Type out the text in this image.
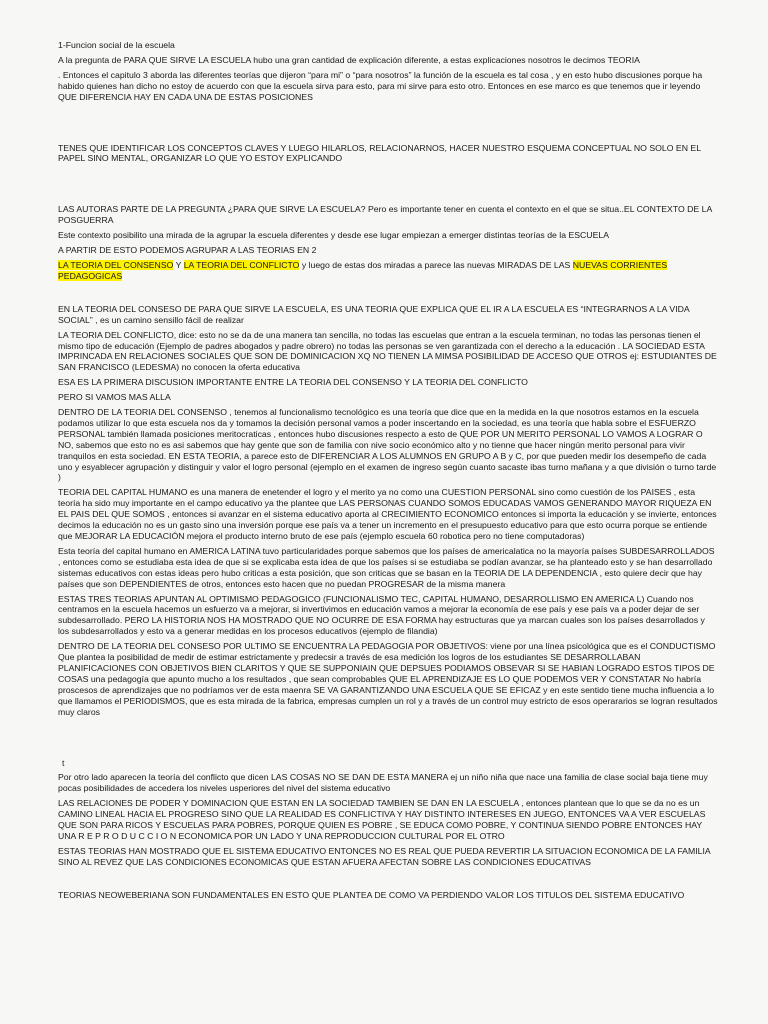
1-Funcion social de la escuela

A la pregunta de PARA QUE SIRVE LA ESCUELA hubo una gran cantidad de explicación diferente, a estas explicaciones nosotros le decimos TEORIA

. Entonces el capitulo 3 aborda las diferentes teorías que dijeron “para mi” o “para nosotros” la función de la escuela es tal cosa , y en esto hubo discusiones porque ha habido quienes han dicho no estoy de acuerdo con que la escuela sirva para esto, para mi sirve para esto otro. Entonces en ese marco es que tenemos que ir leyendo QUE DIFERENCIA HAY EN CADA UNA DE ESTAS POSICIONES

TENES QUE IDENTIFICAR LOS CONCEPTOS CLAVES Y LUEGO HILARLOS, RELACIONARNOS, HACER NUESTRO ESQUEMA CONCEPTUAL NO SOLO EN EL PAPEL SINO MENTAL, ORGANIZAR LO QUE YO ESTOY EXPLICANDO

LAS AUTORAS PARTE DE LA PREGUNTA ¿PARA QUE SIRVE LA ESCUELA? Pero es importante tener en cuenta el contexto en el que se situa..EL CONTEXTO DE LA POSGUERRA

Este contexto posibilito una mirada de la agrupar la escuela diferentes y desde ese lugar empiezan a emerger distintas teorías de la ESCUELA

A PARTIR DE ESTO PODEMOS AGRUPAR A LAS TEORIAS EN 2

LA TEORIA DEL CONSENSO Y LA TEORIA DEL CONFLICTO y luego de estas dos miradas a parece las nuevas MIRADAS DE LAS NUEVAS CORRIENTES PEDAGOGICAS

EN LA TEORIA DEL CONSESO DE PARA QUE SIRVE LA ESCUELA, ES UNA TEORIA QUE EXPLICA QUE EL IR A LA ESCUELA ES “INTEGRARNOS A LA VIDA SOCIAL” , es un camino sensillo fácil de realizar

LA TEORIA DEL CONFLICTO, dice: esto no se da de una manera tan sencilla, no todas las escuelas que entran a la escuela terminan, no todas las personas tienen el mismo tipo de educación (Ejemplo de padres abogados y padre obrero) no todas las personas se ven garantizada con el derecho a la educación . LA SOCIEDAD ESTA IMPRINCADA EN RELACIONES SOCIALES QUE SON DE DOMINICACION XQ NO TIENEN LA MIMSA POSIBILIDAD DE ACCESO QUE OTROS ej: ESTUDIANTES DE SAN FRANCISCO (LEDESMA) no conocen la oferta educativa

ESA ES LA PRIMERA DISCUSION IMPORTANTE ENTRE LA TEORIA DEL CONSENSO Y LA TEORIA DEL CONFLICTO

PERO SI VAMOS MAS ALLA

DENTRO DE LA TEORIA DEL CONSENSO , tenemos al funcionalismo tecnológico es una teoría que dice que en la medida en la que nosotros estamos en la escuela podamos utilizar lo que esta escuela nos da y tomamos la decisión personal vamos a poder inscertando en la sociedad, es una teoría que habla sobre el ESFUERZO PERSONAL también llamada posiciones meritocraticas , entonces hubo discusiones respecto a esto de QUE POR UN MERITO PERSONAL LO VAMOS A LOGRAR O NO, sabemos que esto no es asi sabemos que hay gente que son de familia con nive socio económico alto y no tienne que hacer ningún merito personal para vivir tranquilos en esta sociedad. EN ESTA TEORIA, a parece esto de DIFERENCIAR A LOS ALUMNOS EN GRUPO A B y C, por que pueden medir los desempeño de cada uno y esyablecer agrupación y distinguir y valor el logro personal (ejemplo en el examen de ingreso según cuanto sacaste ibas turno mañana y a que división o turno tarde )

TEORIA DEL CAPITAL HUMANO es una manera de enetender el logro y el merito ya no como una CUESTION PERSONAL sino como cuestión de los PAISES , esta teoría ha sido muy importante en el campo educativo ya the plantee que LAS PERSONAS CUANDO SOMOS EDUCADAS VAMOS GENERANDO MAYOR RIQUEZA EN EL PAIS DEL QUE SOMOS , entonces si avanzar en el sistema educativo aporta al CRECIMIENTO ECONOMICO entonces si importa la educación y se invierte, entonces decimos la educación no es un gasto sino una inversión porque ese país va a tener un incremento en el presupuesto educativo para que esto ocurra porque se entiende que MEJORAR LA EDUCACIÓN mejora el producto interno bruto de ese país (ejemplo escuela 60 robotica pero no tiene computadoras)

Esta teoría del capital humano en AMERICA LATINA tuvo particularidades porque sabemos que los países de americalatica no la mayoría países SUBDESARROLLADOS , entonces como se estudiaba esta idea de que si se explicaba esta idea de que los países si se estudiaba se podían avanzar, se ha planteado esto y se han desarrollado sistemas educativos con estas ideas pero hubo criticas a esta posición, que son criticas que se basan en la TEORIA DE LA DEPENDENCIA , esto quiere decir que hay países que son DEPENDIENTES de otros, entonces esto hacen que no puedan PROGRESAR de la misma manera

ESTAS TRES TEORIAS APUNTAN AL OPTIMISMO PEDAGOGICO (FUNCIONALISMO TEC, CAPITAL HUMANO, DESARROLLISMO EN AMERICA L) Cuando nos centramos en la escuela hacemos un esfuerzo va a mejorar, si invertivimos en educación vamos a mejorar la economía de ese país y ese país va a poder dejar de ser subdesarrollado. PERO LA HISTORIA NOS HA MOSTRADO QUE NO OCURRE DE ESA FORMA hay estructuras que ya marcan cuales son los países desarrollados y los subdesarrollados y esto va a generar medidas en los procesos educativos (ejemplo de filandia)

DENTRO DE LA TEORIA DEL CONSESO POR ULTIMO SE ENCUENTRA LA PEDAGOGIA POR OBJETIVOS: viene por una línea psicológica que es el CONDUCTISMO Que plantea la posibilidad de medir de estimar estrictamente y predecsir a través de esa medición los logros de los estudiantes SE DESARROLLABAN PLANIFICACIONES CON OBJETIVOS BIEN CLARITOS Y QUE SE SUPPONIAIN QUE DEPSUES PODIAMOS OBSEVAR SI SE HABIAN LOGRADO ESTOS TIPOS DE COSAS una pedagogía que apunto mucho a los resultados , que sean comprobables QUE EL APRENDIZAJE ES LO QUE PODEMOS VER Y CONSTATAR No habría proscesos de aprendizajes que no podríamos ver de esta maenra SE VA GARANTIZANDO UNA ESCUELA QUE SE EFICAZ y en este sentido tiene mucha influencia a lo que llamamos el PERIODISMOS, que es esta mirada de la fabrica, empresas cumplen un rol y a través de un control muy estricto de esos operararios se logran resultados muy claros

t

Por otro lado aparecen la teoría del conflicto que dicen LAS COSAS NO SE DAN DE ESTA MANERA ej un niño niña que nace una familia de clase social baja tiene muy pocas posibilidades de accedera los niveles usperiores del nivel del sistema educativo

LAS RELACIONES DE PODER Y DOMINACION QUE ESTAN EN LA SOCIEDAD TAMBIEN SE DAN EN LA ESCUELA , entonces plantean que lo que se da no es un CAMINO LINEAL HACIA EL PROGRESO SINO QUE LA REALIDAD ES CONFLICTIVA Y HAY DISTINTO INTERESES EN JUEGO, ENTONCES VA A VER ESCUELAS QUE SON PARA RICOS Y ESCUELAS PARA POBRES, PORQUE QUIEN ES POBRE , SE EDUCA COMO POBRE, Y CONTINUA SIENDO POBRE ENTONCES HAY UNA R E P R O D U C C I O N ECONOMICA POR UN LADO Y UNA REPRODUCCION CULTURAL POR EL OTRO

ESTAS TEORIAS HAN MOSTRADO QUE EL SISTEMA EDUCATIVO ENTONCES NO ES REAL QUE PUEDA REVERTIR LA SITUACION ECONOMICA DE LA FAMILIA SINO AL REVEZ QUE LAS CONDICIONES ECONOMICAS QUE ESTAN AFUERA AFECTAN SOBRE LAS CONDICIONES EDUCATIVAS

TEORIAS NEOWEBERIANA SON FUNDAMENTALES EN ESTO QUE PLANTEA DE COMO VA PERDIENDO VALOR LOS TITULOS DEL SISTEMA EDUCATIVO
